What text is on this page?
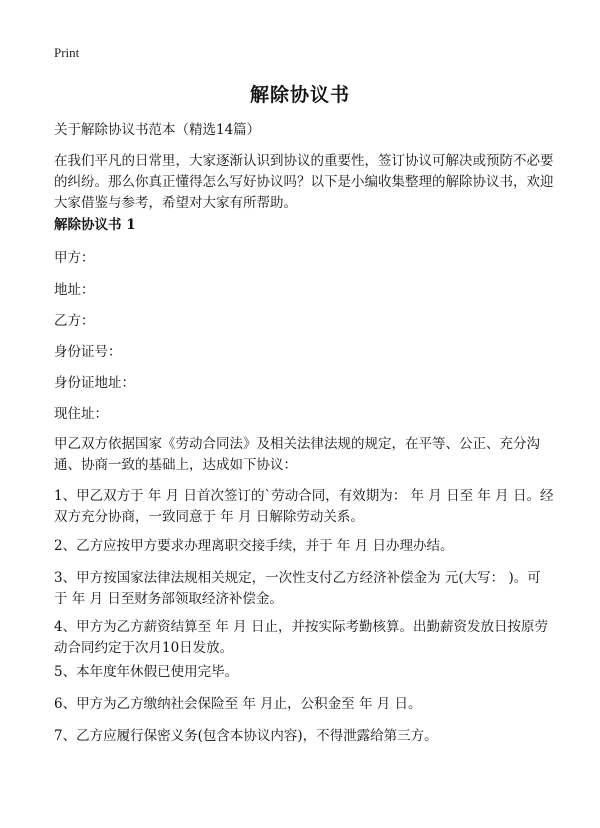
Print
解除协议书

关于解除协议书范本（精选14篇）

在我们平凡的日常里，大家逐渐认识到协议的重要性，签订协议可解决或预防不必要的纠纷。那么你真正懂得怎么写好协议吗？以下是小编收集整理的解除协议书，欢迎大家借鉴与参考，希望对大家有所帮助。

解除协议书 1

甲方：

地址：

乙方：

身份证号：

身份证地址：

现住址：

甲乙双方依据国家《劳动合同法》及相关法律法规的规定，在平等、公正、充分沟通、协商一致的基础上，达成如下协议：

1、甲乙双方于 年 月 日首次签订的`劳动合同，有效期为： 年 月 日至 年 月 日。经双方充分协商，一致同意于 年 月 日解除劳动关系。

2、乙方应按甲方要求办理离职交接手续，并于 年 月 日办理办结。

3、甲方按国家法律法规相关规定，一次性支付乙方经济补偿金为 元(大写： )。可于 年 月 日至财务部领取经济补偿金。

4、甲方为乙方薪资结算至 年 月 日止，并按实际考勤核算。出勤薪资发放日按原劳动合同约定于次月10日发放。

5、本年度年休假已使用完毕。

6、甲方为乙方缴纳社会保险至 年 月止，公积金至 年 月 日。

7、乙方应履行保密义务(包含本协议内容)，不得泄露给第三方。
